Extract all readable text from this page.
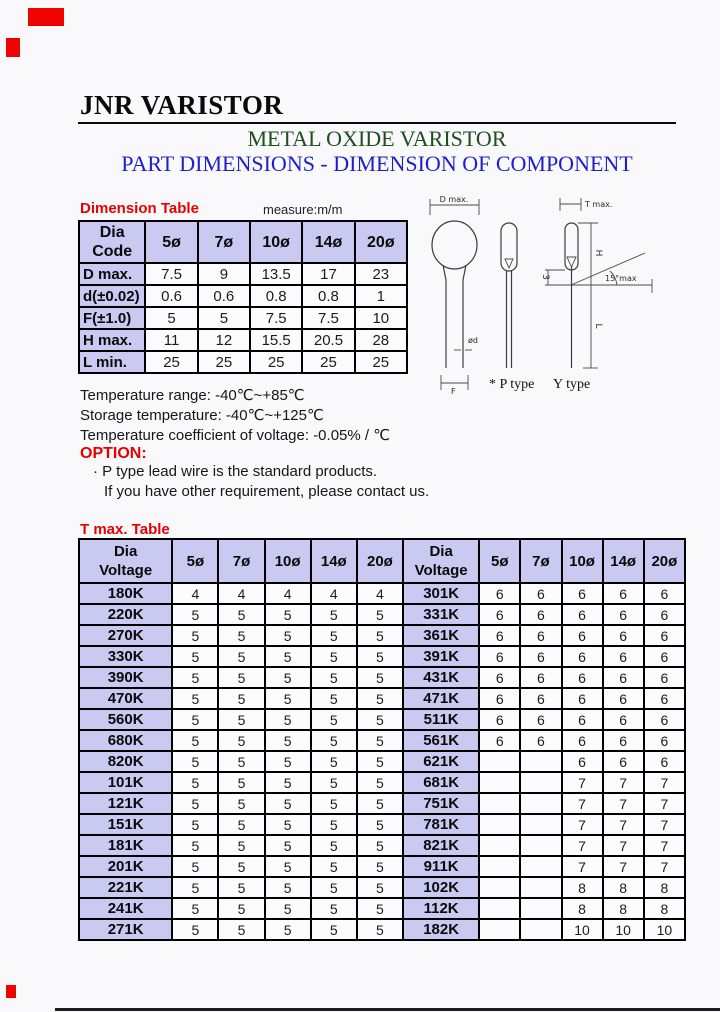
JNR VARISTOR
METAL OXIDE VARISTOR
PART DIMENSIONS - DIMENSION OF COMPONENT
Dimension Table	measure:m/m
Dia
Code	5ø	7ø	10ø	14ø	20ø
D max.	7.5	9	13.5	17	23
d(±0.02)	0.6	0.6	0.8	0.8	1
F(±1.0)	5	5	7.5	7.5	10
H max.	11	12	15.5	20.5	28
L min.	25	25	25	25	25
D max.
ød
F * P type
T max.
H
L
3	15°max
Y type
Temperature range: -40℃~+85℃
Storage temperature: -40℃~+125℃
Temperature coefficient of voltage: -0.05% / ℃
OPTION:
· P type lead wire is the standard products.
If you have other requirement, please contact us.
T max. Table
Dia
Voltage
	5ø	7ø	10ø	14ø	20ø	
Dia
Voltage
	5ø	7ø	10ø	14ø	20ø
180K	4	4	4	4	4	301K	6	6	6	6	6
220K	5	5	5	5	5	331K	6	6	6	6	6
270K	5	5	5	5	5	361K	6	6	6	6	6
330K	5	5	5	5	5	391K	6	6	6	6	6
390K	5	5	5	5	5	431K	6	6	6	6	6
470K	5	5	5	5	5	471K	6	6	6	6	6
560K	5	5	5	5	5	511K	6	6	6	6	6
680K	5	5	5	5	5	561K	6	6	6	6	6
820K	5	5	5	5	5	621K			6	6	6
101K	5	5	5	5	5	681K			7	7	7
121K	5	5	5	5	5	751K			7	7	7
151K	5	5	5	5	5	781K			7	7	7
181K	5	5	5	5	5	821K			7	7	7
201K	5	5	5	5	5	911K			7	7	7
221K	5	5	5	5	5	102K			8	8	8
241K	5	5	5	5	5	112K			8	8	8
271K	5	5	5	5	5	182K			10	10	10
